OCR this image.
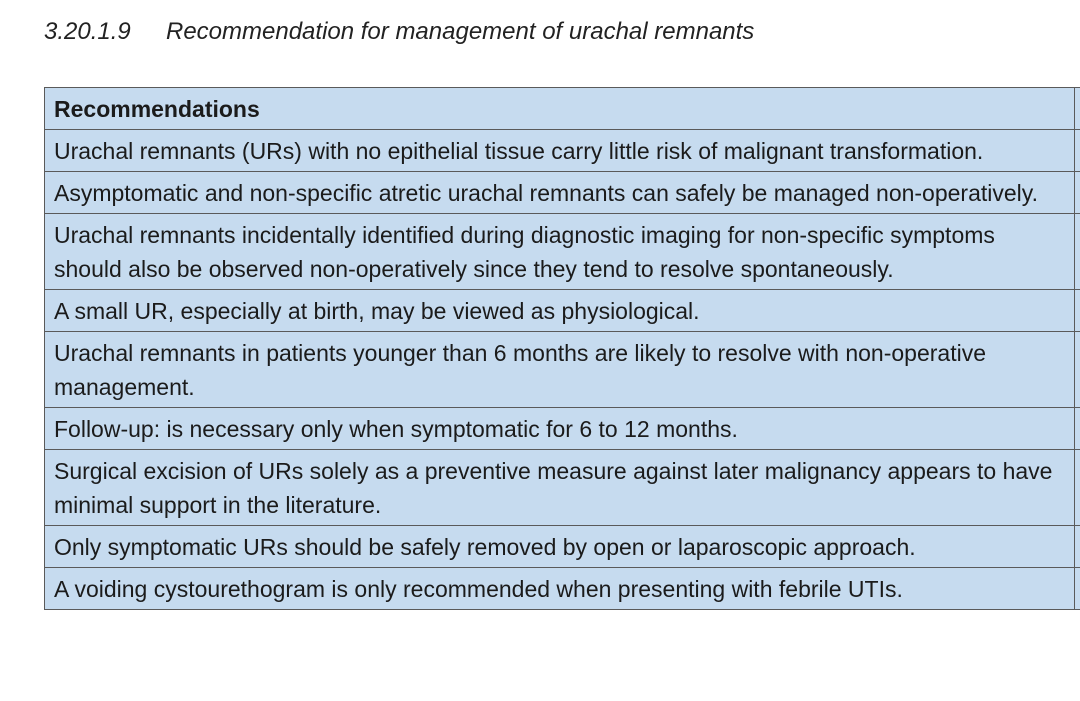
3.20.1.9 Recommendation for management of urachal remnants
Recommendations	
Urachal remnants (URs) with no epithelial tissue carry little risk of malignant transformation.	
Asymptomatic and non-specific atretic urachal remnants can safely be managed non-operatively.	
Urachal remnants incidentally identified during diagnostic imaging for non-specific symptoms should also be observed non-operatively since they tend to resolve spontaneously.	
A small UR, especially at birth, may be viewed as physiological.	
Urachal remnants in patients younger than 6 months are likely to resolve with non-operative management.	
Follow-up: is necessary only when symptomatic for 6 to 12 months.	
Surgical excision of URs solely as a preventive measure against later malignancy appears to have minimal support in the literature.	
Only symptomatic URs should be safely removed by open or laparoscopic approach.	
A voiding cystourethogram is only recommended when presenting with febrile UTIs.	
